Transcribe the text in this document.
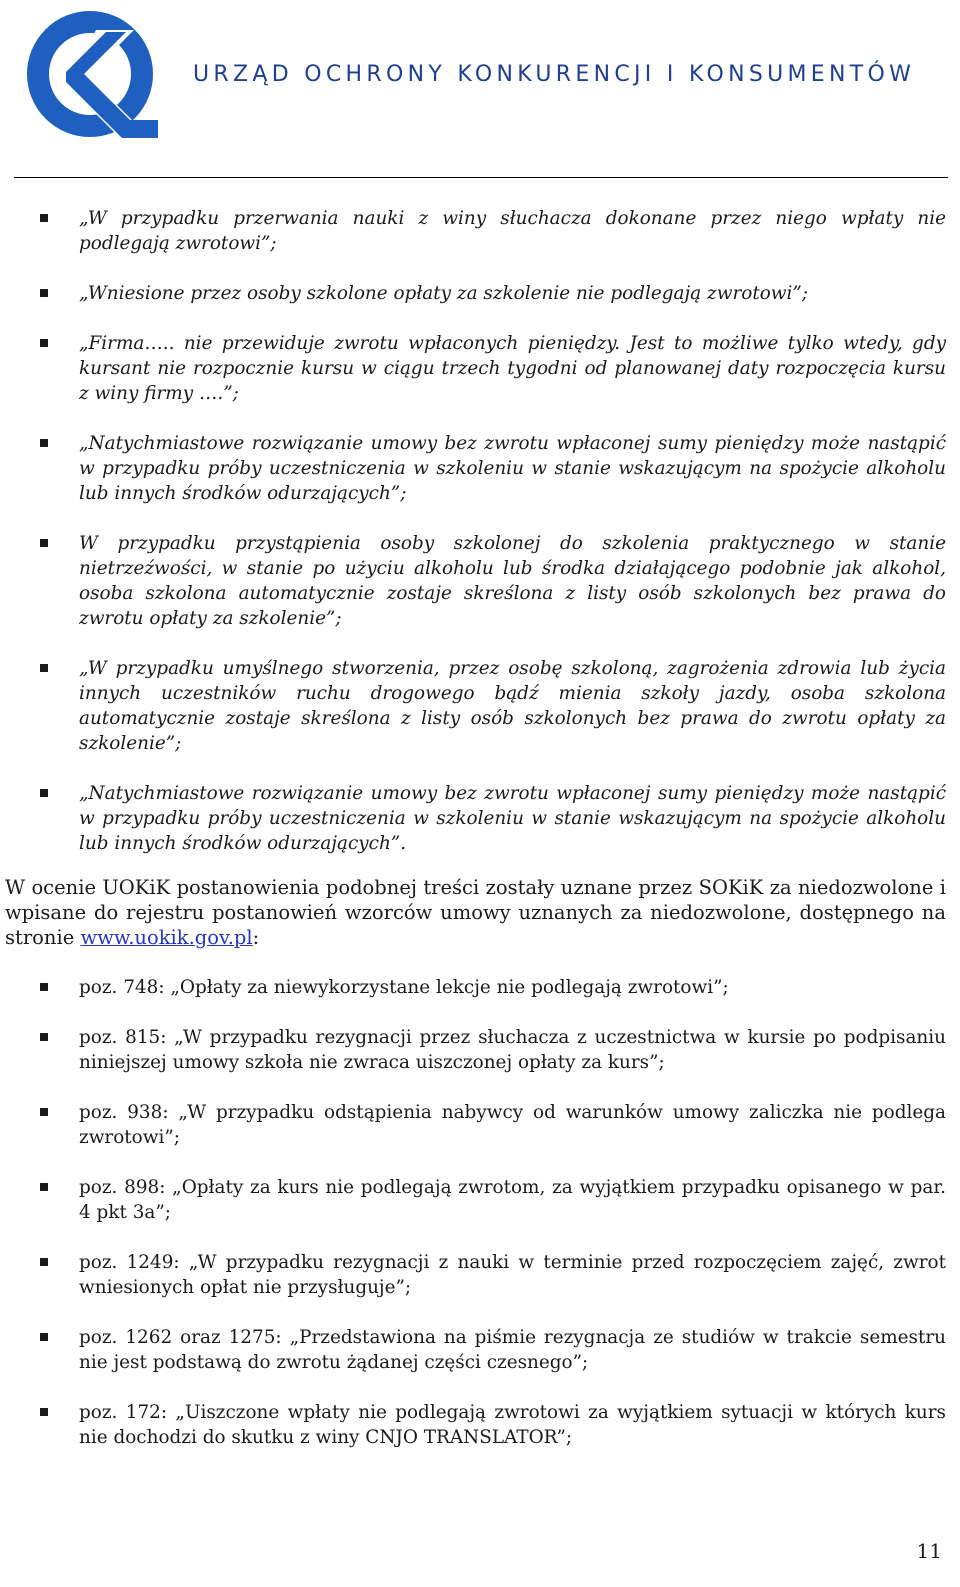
URZĄD OCHRONY KONKURENCJI I KONSUMENTÓW
„W przypadku przerwania nauki z winy słuchacza dokonane przez niego wpłaty nie podlegają zwrotowi”;
„Wniesione przez osoby szkolone opłaty za szkolenie nie podlegają zwrotowi”;
„Firma….. nie przewiduje zwrotu wpłaconych pieniędzy. Jest to możliwe tylko wtedy, gdy kursant nie rozpocznie kursu w ciągu trzech tygodni od planowanej daty rozpoczęcia kursu z winy firmy ….”;
„Natychmiastowe rozwiązanie umowy bez zwrotu wpłaconej sumy pieniędzy może nastąpić w przypadku próby uczestniczenia w szkoleniu w stanie wskazującym na spożycie alkoholu lub innych środków odurzających”;
W przypadku przystąpienia osoby szkolonej do szkolenia praktycznego w stanie nietrzeźwości, w stanie po użyciu alkoholu lub środka działającego podobnie jak alkohol, osoba szkolona automatycznie zostaje skreślona z listy osób szkolonych bez prawa do zwrotu opłaty za szkolenie”;
„W przypadku umyślnego stworzenia, przez osobę szkoloną, zagrożenia zdrowia lub życia innych uczestników ruchu drogowego bądź mienia szkoły jazdy, osoba szkolona automatycznie zostaje skreślona z listy osób szkolonych bez prawa do zwrotu opłaty za szkolenie”;
„Natychmiastowe rozwiązanie umowy bez zwrotu wpłaconej sumy pieniędzy może nastąpić w przypadku próby uczestniczenia w szkoleniu w stanie wskazującym na spożycie alkoholu lub innych środków odurzających”.

W ocenie UOKiK postanowienia podobnej treści zostały uznane przez SOKiK za niedozwolone i wpisane do rejestru postanowień wzorców umowy uznanych za niedozwolone, dostępnego na stronie www.uokik.gov.pl:

poz. 748: „Opłaty za niewykorzystane lekcje nie podlegają zwrotowi”;
poz. 815: „W przypadku rezygnacji przez słuchacza z uczestnictwa w kursie po podpisaniu niniejszej umowy szkoła nie zwraca uiszczonej opłaty za kurs”;
poz. 938: „W przypadku odstąpienia nabywcy od warunków umowy zaliczka nie podlega zwrotowi”;
poz. 898: „Opłaty za kurs nie podlegają zwrotom, za wyjątkiem przypadku opisanego w par. 4 pkt 3a”;
poz. 1249: „W przypadku rezygnacji z nauki w terminie przed rozpoczęciem zajęć, zwrot wniesionych opłat nie przysługuje”;
poz. 1262 oraz 1275: „Przedstawiona na piśmie rezygnacja ze studiów w trakcie semestru nie jest podstawą do zwrotu żądanej części czesnego”;
poz. 172: „Uiszczone wpłaty nie podlegają zwrotowi za wyjątkiem sytuacji w których kurs nie dochodzi do skutku z winy CNJO TRANSLATOR”;
11
